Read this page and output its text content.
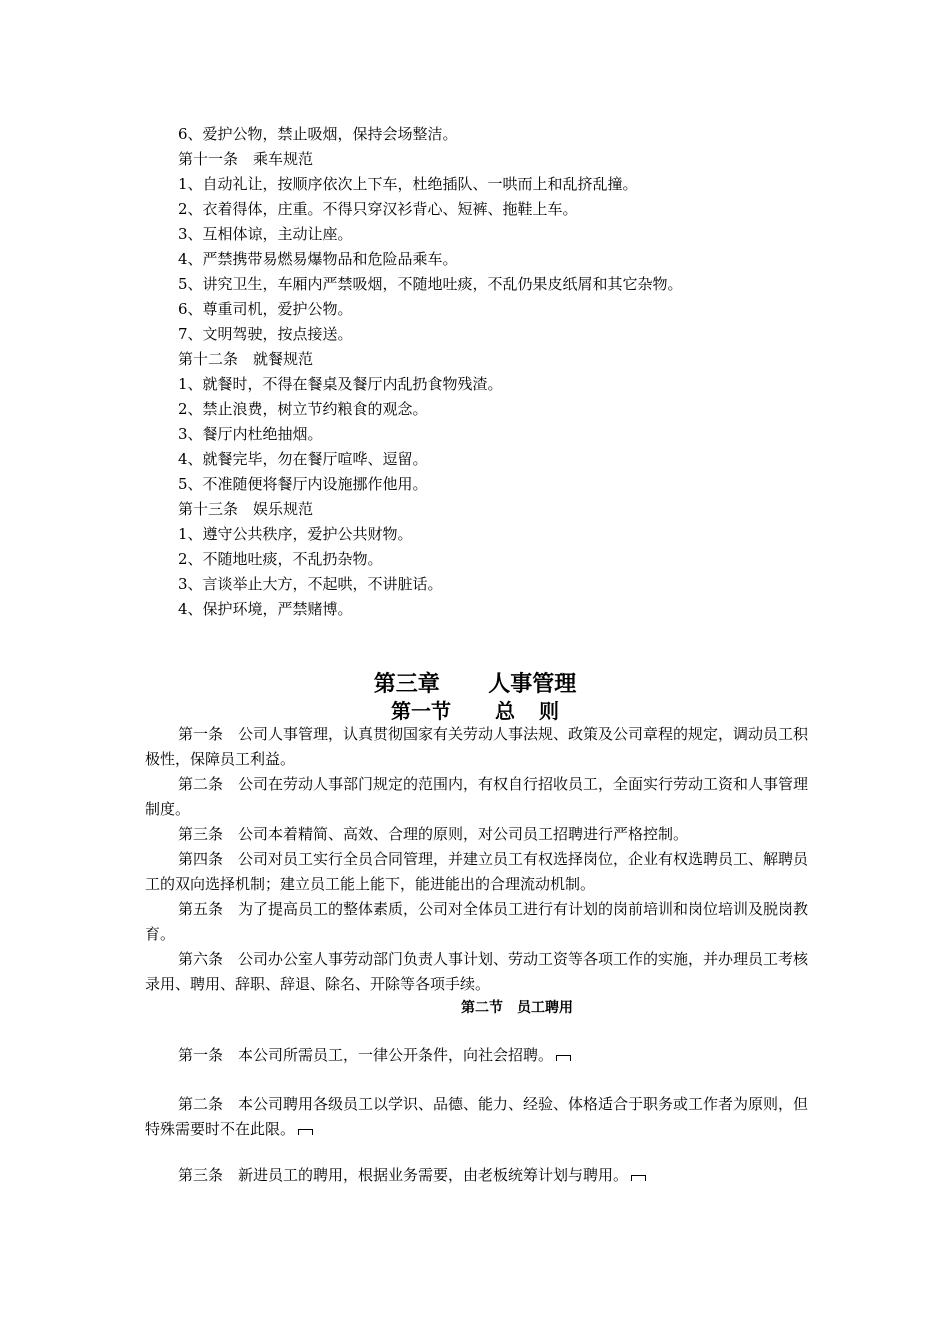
6、爱护公物，禁止吸烟，保持会场整洁。
第十一条　乘车规范
1、自动礼让，按顺序依次上下车，杜绝插队、一哄而上和乱挤乱撞。
2、衣着得体，庄重。不得只穿汉衫背心、短裤、拖鞋上车。
3、互相体谅，主动让座。
4、严禁携带易燃易爆物品和危险品乘车。
5、讲究卫生，车厢内严禁吸烟，不随地吐痰，不乱仍果皮纸屑和其它杂物。
6、尊重司机，爱护公物。
7、文明驾驶，按点接送。
第十二条　就餐规范
1、就餐时，不得在餐桌及餐厅内乱扔食物残渣。
2、禁止浪费，树立节约粮食的观念。
3、餐厅内杜绝抽烟。
4、就餐完毕，勿在餐厅喧哗、逗留。
5、不准随便将餐厅内设施挪作他用。
第十三条　娱乐规范
1、遵守公共秩序，爱护公共财物。
2、不随地吐痰，不乱扔杂物。
3、言谈举止大方，不起哄，不讲脏话。
4、保护环境，严禁赌博。
第三章 人事管理
第一节 总 则
第一条　公司人事管理，认真贯彻国家有关劳动人事法规、政策及公司章程的规定，调动员工积极性，保障员工利益。
第二条　公司在劳动人事部门规定的范围内，有权自行招收员工，全面实行劳动工资和人事管理制度。
第三条　公司本着精简、高效、合理的原则，对公司员工招聘进行严格控制。
第四条　公司对员工实行全员合同管理，并建立员工有权选择岗位，企业有权选聘员工、解聘员工的双向选择机制；建立员工能上能下，能进能出的合理流动机制。
第五条　为了提高员工的整体素质，公司对全体员工进行有计划的岗前培训和岗位培训及脱岗教育。
第六条　公司办公室人事劳动部门负责人事计划、劳动工资等各项工作的实施，并办理员工考核录用、聘用、辞职、辞退、除名、开除等各项手续。
第二节　员工聘用
第一条　本公司所需员工，一律公开条件，向社会招聘。
第二条　本公司聘用各级员工以学识、品德、能力、经验、体格适合于职务或工作者为原则，但特殊需要时不在此限。
第三条　新进员工的聘用，根据业务需要，由老板统筹计划与聘用。
